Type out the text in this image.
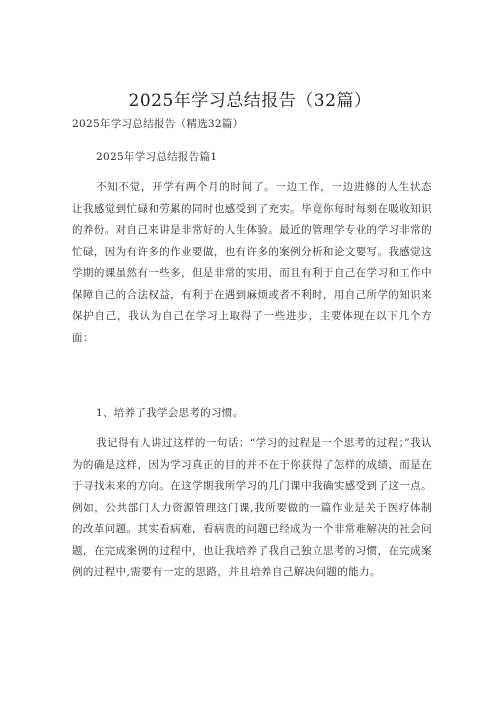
2025年学习总结报告（32篇）
2025年学习总结报告（精选32篇）
2025年学习总结报告篇1

不知不觉，开学有两个月的时间了。一边工作，一边进修的人生状态让我感觉到忙碌和劳累的同时也感受到了充实。毕竟你每时每刻在吸收知识的养份。对自己来讲是非常好的人生体验。最近的管理学专业的学习非常的忙碌，因为有许多的作业要做，也有许多的案例分析和论文要写。我感觉这学期的课虽然有一些多，但是非常的实用，而且有利于自己在学习和工作中保障自己的合法权益，有利于在遇到麻烦或者不利时，用自己所学的知识来保护自己，我认为自己在学习上取得了一些进步，主要体现在以下几个方面：

1、培养了我学会思考的习惯。

我记得有人讲过这样的一句话：“学习的过程是一个思考的过程；”我认为的确是这样，因为学习真正的目的并不在于你获得了怎样的成绩，而是在于寻找未来的方向。在这学期我所学习的几门课中我确实感受到了这一点。例如，公共部门人力资源管理这门课,我所要做的一篇作业是关于医疗体制的改革问题。其实看病难，看病贵的问题已经成为一个非常难解决的社会问题，在完成案例的过程中，也让我培养了我自己独立思考的习惯，在完成案例的过程中,需要有一定的思路，并且培养自己解决问题的能力。
